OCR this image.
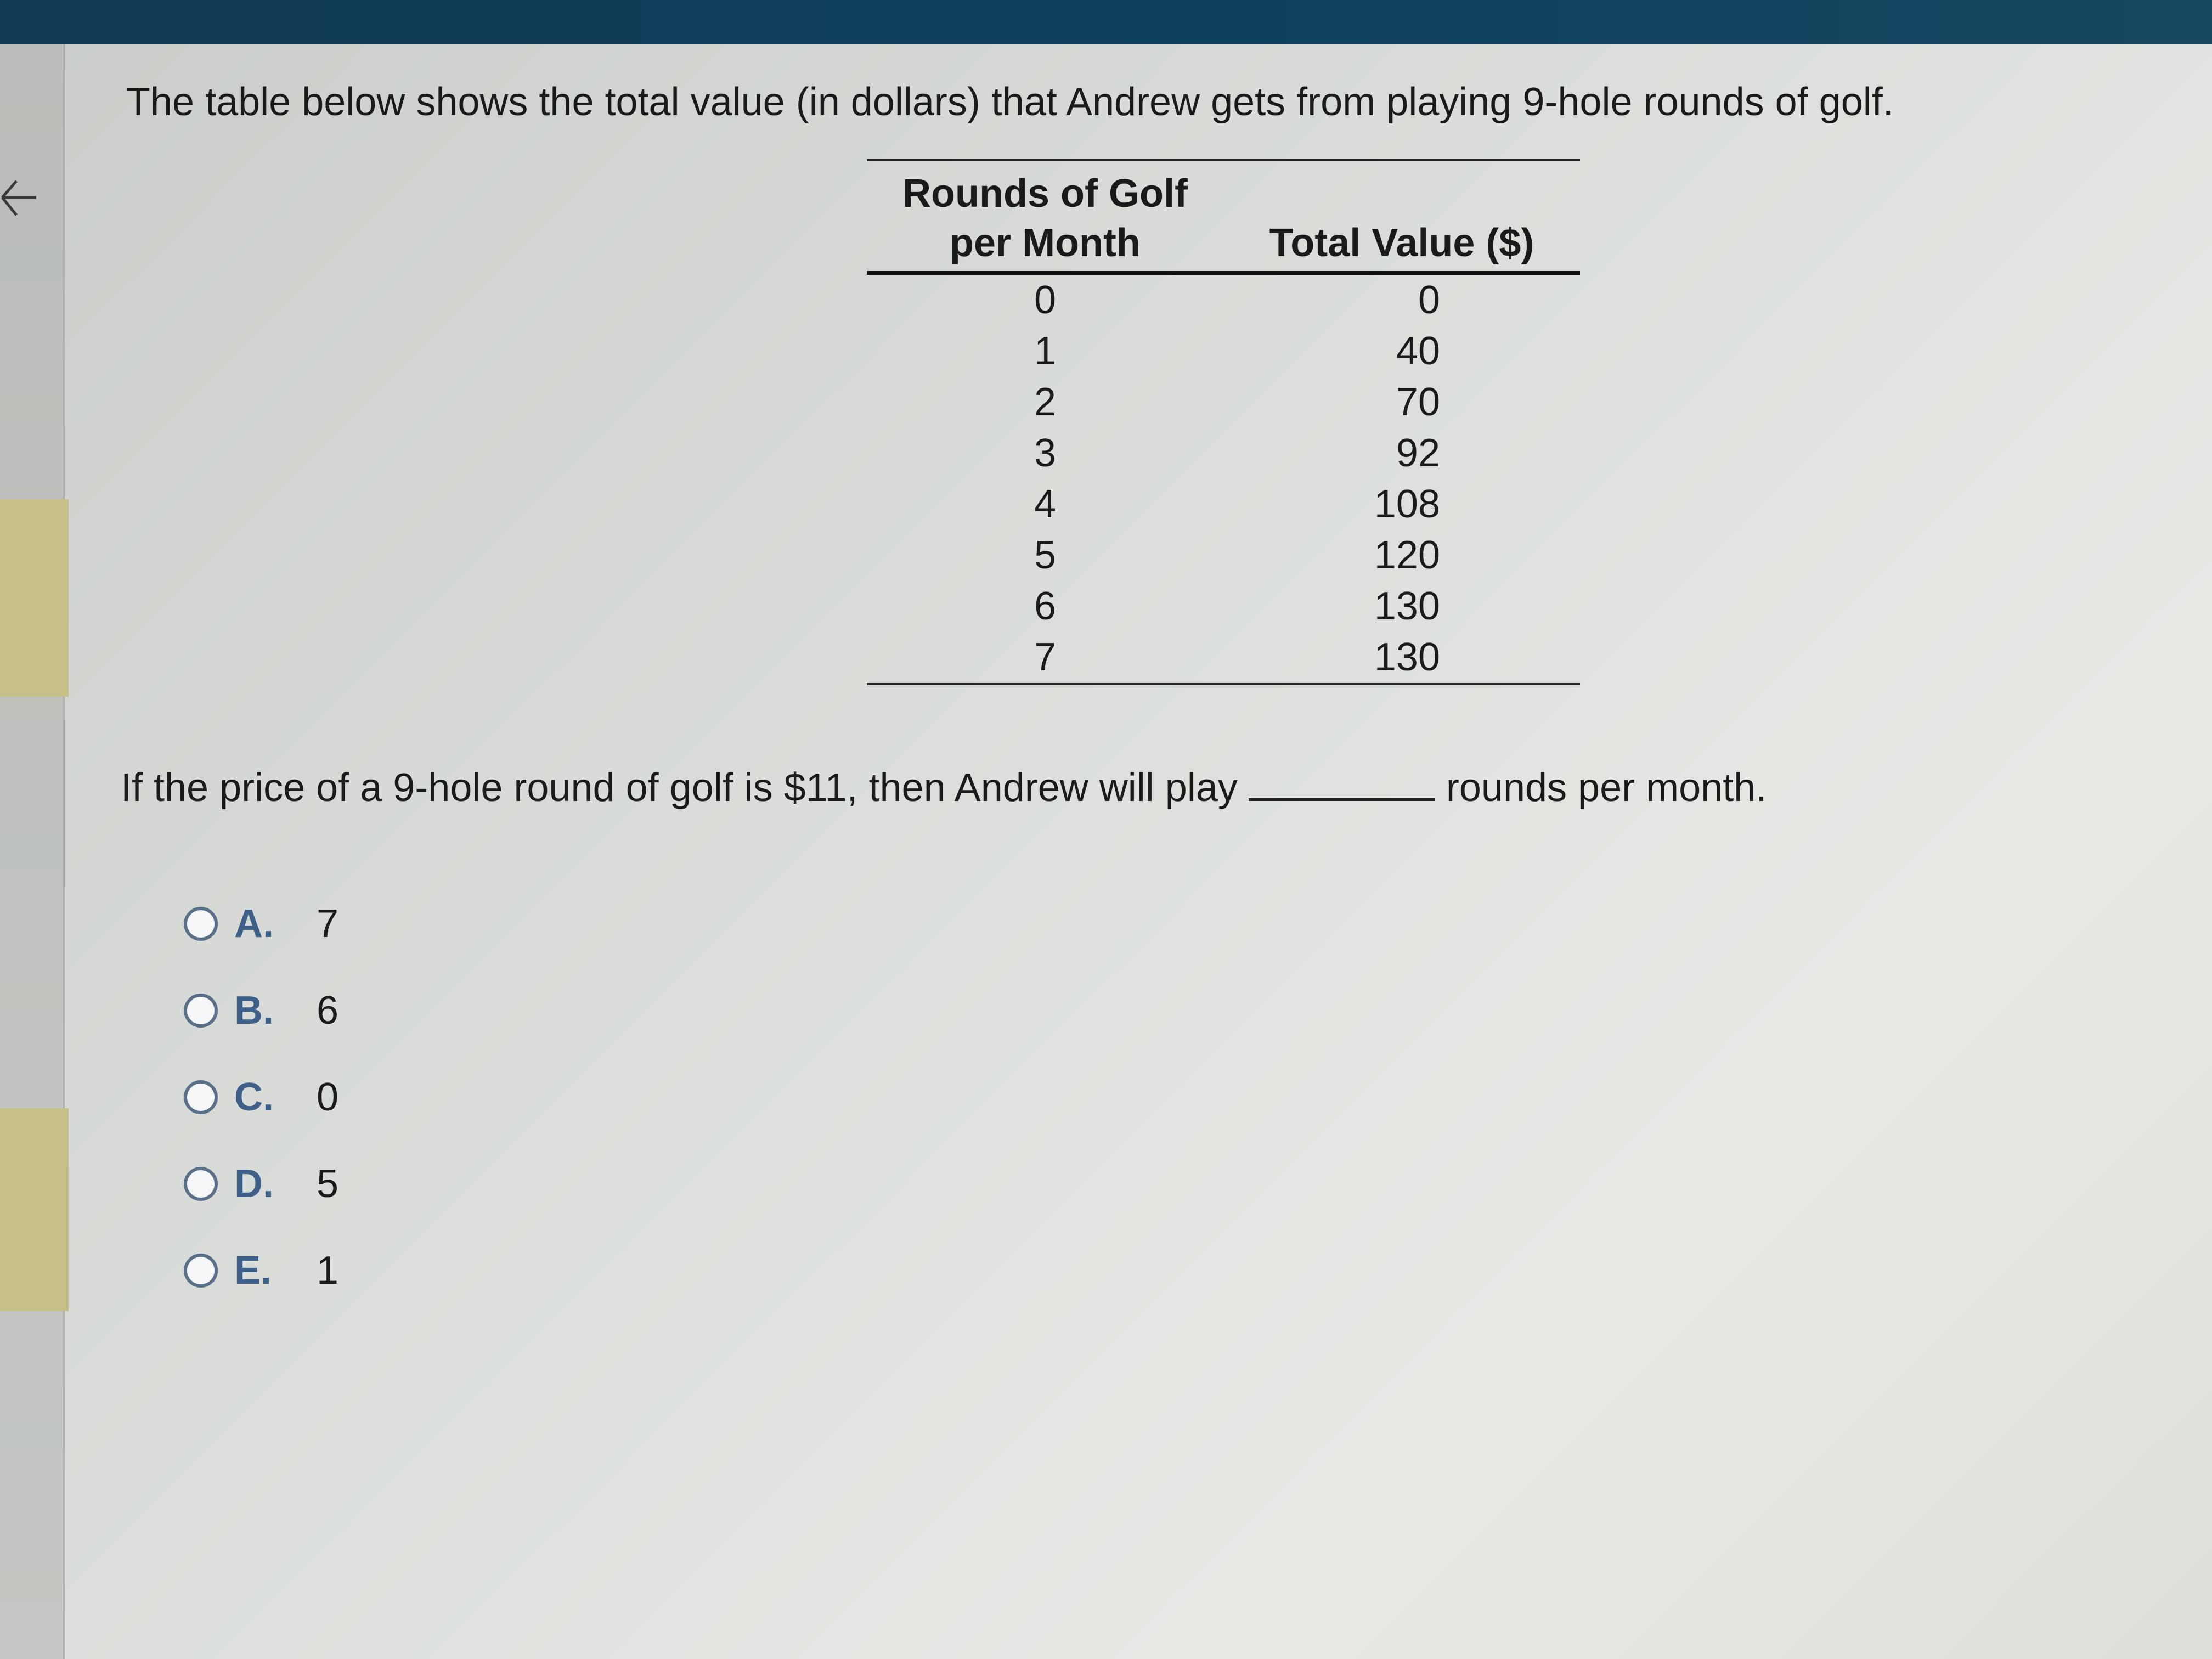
The table below shows the total value (in dollars) that Andrew gets from playing 9-hole rounds of golf.
Rounds of Golf
per Month	Total Value ($)
0	0
1	40
2	70
3	92
4	108
5	120
6	130
7	130
If the price of a 9-hole round of golf is $11, then Andrew will play	rounds per month.
A.	7
B.	6
C.	0
D.	5
E.	1
